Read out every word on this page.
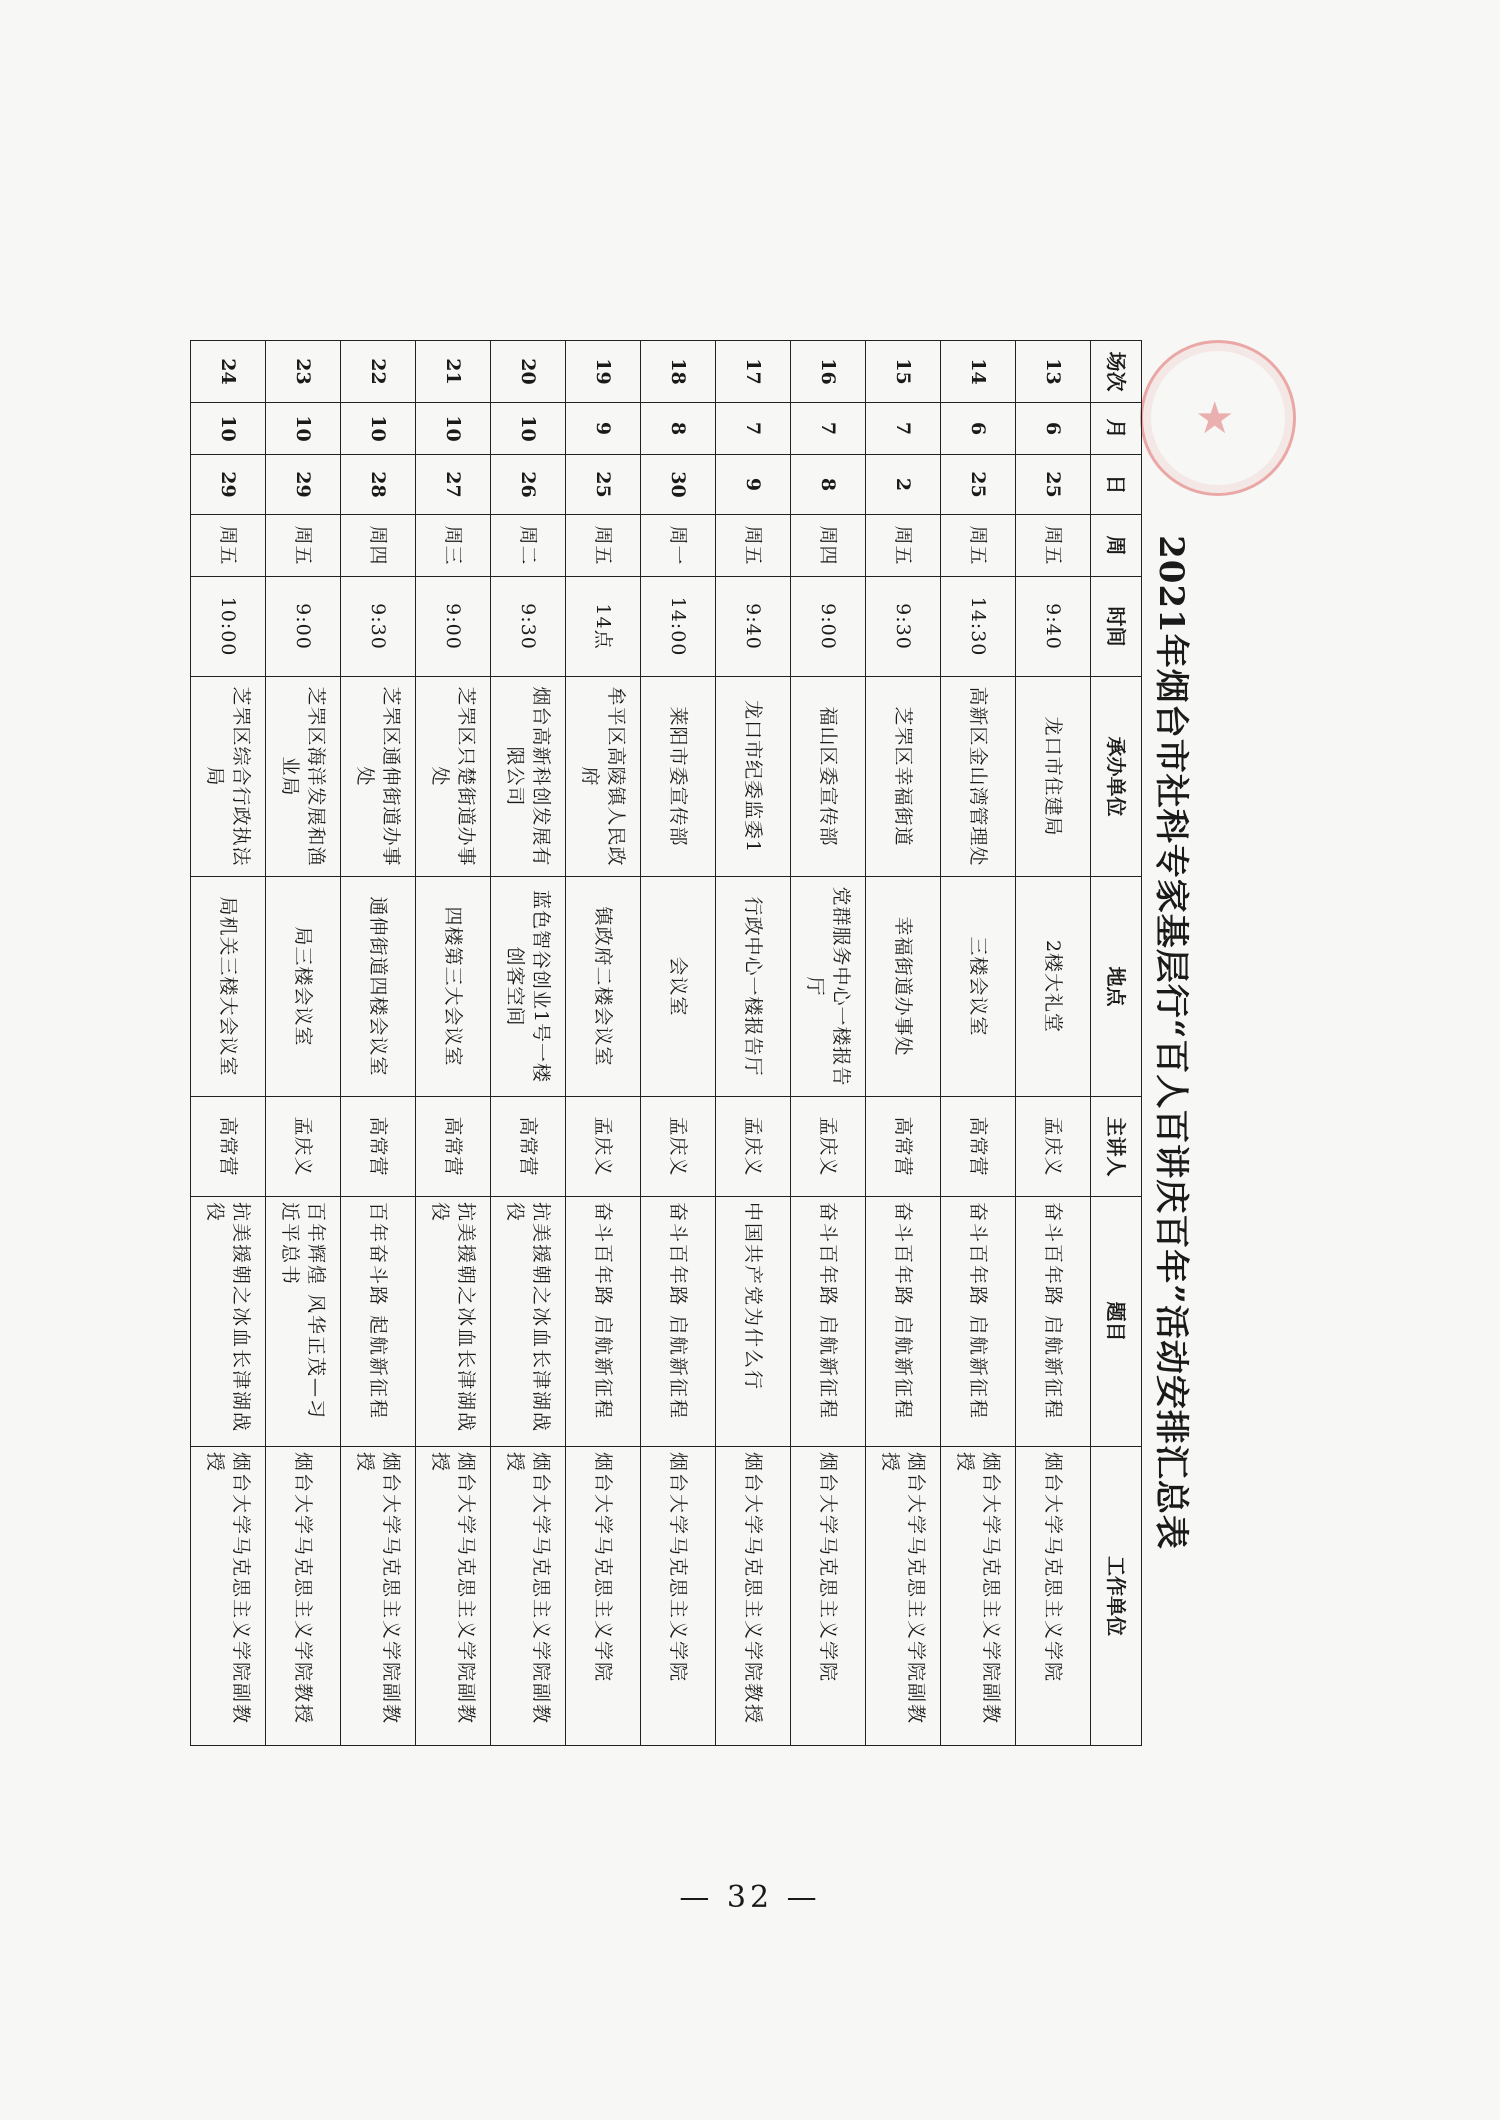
★
2021年烟台市社科专家基层行“百人百讲庆百年”活动安排汇总表
场次	月	日	周	时间	承办单位	地点	主讲人	题目	工作单位
13	6	25	周五	9:40	龙口市住建局	2楼大礼堂	孟庆义	奋斗百年路 启航新征程	烟台大学马克思主义学院
14	6	25	周五	14:30	高新区金山湾管理处	三楼会议室	高常营	奋斗百年路 启航新征程	烟台大学马克思主义学院副教授
15	7	2	周五	9:30	芝罘区幸福街道	幸福街道办事处	高常营	奋斗百年路 启航新征程	烟台大学马克思主义学院副教授
16	7	8	周四	9:00	福山区委宣传部	党群服务中心一楼报告厅	孟庆义	奋斗百年路 启航新征程	烟台大学马克思主义学院
17	7	9	周五	9:40	龙口市纪委监委1	行政中心一楼报告厅	孟庆义	中国共产党为什么行	烟台大学马克思主义学院教授
18	8	30	周一	14:00	莱阳市委宣传部	会议室	孟庆义	奋斗百年路 启航新征程	烟台大学马克思主义学院
19	9	25	周五	14点	牟平区高陵镇人民政府	镇政府二楼会议室	孟庆义	奋斗百年路 启航新征程	烟台大学马克思主义学院
20	10	26	周二	9:30	烟台高新科创发展有限公司	蓝色智谷创业1号一楼创客空间	高常营	抗美援朝之冰血长津湖战役	烟台大学马克思主义学院副教授
21	10	27	周三	9:00	芝罘区只楚街道办事处	四楼第三大会议室	高常营	抗美援朝之冰血长津湖战役	烟台大学马克思主义学院副教授
22	10	28	周四	9:30	芝罘区通伸街道办事处	通伸街道四楼会议室	高常营	百年奋斗路 起航新征程	烟台大学马克思主义学院副教授
23	10	29	周五	9:00	芝罘区海洋发展和渔业局	局三楼会议室	孟庆义	百年辉煌 风华正茂—习近平总书	烟台大学马克思主义学院教授
24	10	29	周五	10:00	芝罘区综合行政执法局	局机关三楼大会议室	高常营	抗美援朝之冰血长津湖战役	烟台大学马克思主义学院副教授
— 32 —
